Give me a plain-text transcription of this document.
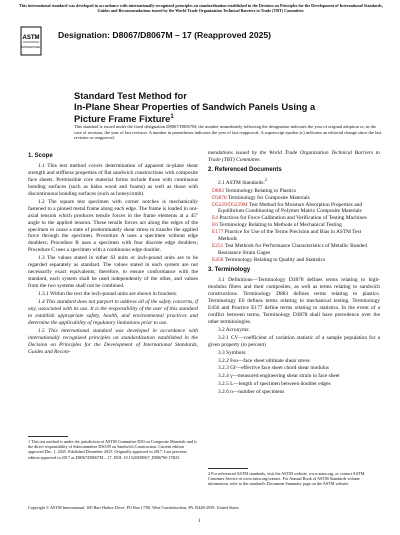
This international standard was developed in accordance with internationally recognized principles on standardization established in the Decision on Principles for the Development of International Standards, Guides and Recommendations issued by the World Trade Organization Technical Barriers to Trade (TBT) Committee.
ASTM
INTERNATIONAL
Designation: D8067/D8067M – 17 (Reapproved 2025)
Standard Test Method for
In-Plane Shear Properties of Sandwich Panels Using a
Picture Frame Fixture$^1$
This standard is issued under the fixed designation D8067/D8067M; the number immediately following the designation indicates the year of original adoption or, in the case of revision, the year of last revision. A number in parentheses indicates the year of last reapproval. A superscript epsilon (ε) indicates an editorial change since the last revision or reapproval.
1. Scope
1.1 This test method covers determination of apparent in-plane shear strength and stiffness properties of flat sandwich constructions with composite face sheets. Permissible core material forms include those with continuous bonding surfaces (such as balsa wood and foams) as well as those with discontinuous bonding surfaces (such as honeycomb).
1.2 The square test specimen with corner notches is mechanically fastened to a pinned metal frame along each edge. The frame is loaded in uni-axial tension which produces tensile forces in the frame elements at a 45° angle to the applied tension. These tensile forces act along the edges of the specimen to cause a state of predominately shear stress to transfer the applied force through the specimen. Procedure A uses a specimen without edge doublers; Procedure B uses a specimen with four discrete edge doublers; Procedure C uses a specimen with a continuous edge doubler.
1.3 The values stated in either SI units or inch-pound units are to be regarded separately as standard. The values stated in each system are not necessarily exact equivalents; therefore, to ensure conformance with the standard, each system shall be used independently of the other, and values from the two systems shall not be combined.
1.3.1 Within the text the inch-pound units are shown in brackets.
1.4 This standard does not purport to address all of the safety concerns, if any, associated with its use. It is the responsibility of the user of this standard to establish appropriate safety, health, and environmental practices and determine the applicability of regulatory limitations prior to use.
1.5 This international standard was developed in accordance with internationally recognized principles on standardization established in the Decision on Principles for the Development of International Standards, Guides and Recom-
mendations issued by the World Trade Organization Technical Barriers to Trade (TBT) Committee.
2. Referenced Documents
2.1 ASTM Standards:$^2$
D883 Terminology Relating to Plastics
D3878 Terminology for Composite Materials
D5229/D5229M Test Method for Moisture Absorption Properties and Equilibrium Conditioning of Polymer Matrix Composite Materials
E4 Practices for Force Calibration and Verification of Testing Machines
E6 Terminology Relating to Methods of Mechanical Testing
E177 Practice for Use of the Terms Precision and Bias in ASTM Test Methods
E251 Test Methods for Performance Characteristics of Metallic Bonded Resistance Strain Gages
E456 Terminology Relating to Quality and Statistics
3. Terminology
3.1 Definitions—Terminology D3878 defines terms relating to high-modulus fibers and their composites, as well as terms relating to sandwich constructions. Terminology D883 defines terms relating to plastics. Terminology E6 defines terms relating to mechanical testing. Terminology E456 and Practice E177 define terms relating to statistics. In the event of a conflict between terms, Terminology D3878 shall have precedence over the other terminologies.
3.2 Acronyms:
3.2.1 CV—coefficient of variation statistic of a sample population for a given property (in percent)
3.3 Symbols:
3.2.2 Fsu—face sheet ultimate shear stress
3.2.3 Gf—effective face sheet chord shear modulus
3.2.4 γ—measured engineering shear strain in face sheet
3.2.5 L—length of specimen between doubler edges
3.2.6 n—number of specimens
1 This test method is under the jurisdiction of ASTM Committee D30 on Composite Materials and is the direct responsibility of Subcommittee D30.09 on Sandwich Construction. Current edition approved Dec. 1, 2025. Published December 2025. Originally approved in 2017. Last previous edition approved in 2017 as D8067/D8067M – 17. DOI: 10.1520/D8067_D8067M-17R25.
2 For referenced ASTM standards, visit the ASTM website, www.astm.org, or contact ASTM Customer Service at www.astm.org/contact. For Annual Book of ASTM Standards volume information, refer to the standard's Document Summary page on the ASTM website.
Copyright © ASTM International, 100 Barr Harbor Drive, PO Box C700, West Conshohocken, PA 19428-2959. United States
1
